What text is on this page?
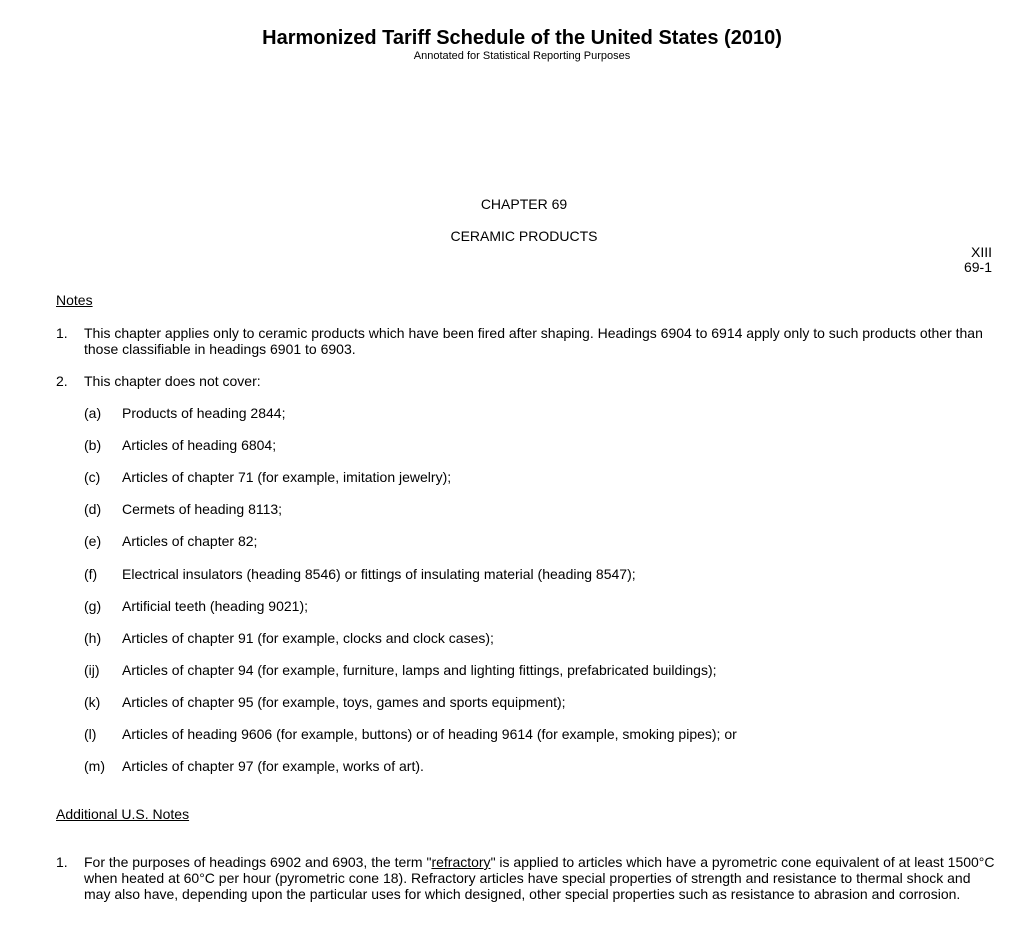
Harmonized Tariff Schedule of the United States (2010)
Annotated for Statistical Reporting Purposes
CHAPTER 69
CERAMIC PRODUCTS
XIII
69-1
Notes
1. This chapter applies only to ceramic products which have been fired after shaping. Headings 6904 to 6914 apply only to such products other than those classifiable in headings 6901 to 6903.
2. This chapter does not cover:
(a) Products of heading 2844;
(b) Articles of heading 6804;
(c) Articles of chapter 71 (for example, imitation jewelry);
(d) Cermets of heading 8113;
(e) Articles of chapter 82;
(f) Electrical insulators (heading 8546) or fittings of insulating material (heading 8547);
(g) Artificial teeth (heading 9021);
(h) Articles of chapter 91 (for example, clocks and clock cases);
(ij) Articles of chapter 94 (for example, furniture, lamps and lighting fittings, prefabricated buildings);
(k) Articles of chapter 95 (for example, toys, games and sports equipment);
(l) Articles of heading 9606 (for example, buttons) or of heading 9614 (for example, smoking pipes); or
(m) Articles of chapter 97 (for example, works of art).
Additional U.S. Notes
1. For the purposes of headings 6902 and 6903, the term "refractory" is applied to articles which have a pyrometric cone equivalent of at least 1500°C when heated at 60°C per hour (pyrometric cone 18). Refractory articles have special properties of strength and resistance to thermal shock and may also have, depending upon the particular uses for which designed, other special properties such as resistance to abrasion and corrosion.
